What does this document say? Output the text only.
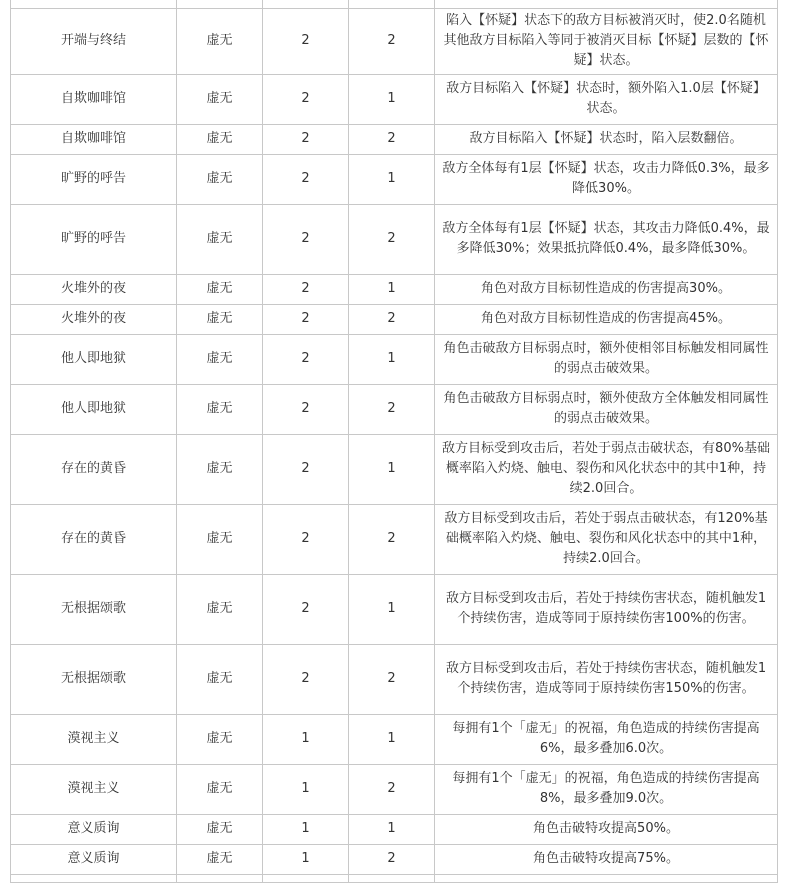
开端与终结	虚无	2	2	陷入【怀疑】状态下的敌方目标被消灭时，使2.0名随机其他敌方目标陷入等同于被消灭目标【怀疑】层数的【怀疑】状态。
自欺咖啡馆	虚无	2	1	敌方目标陷入【怀疑】状态时，额外陷入1.0层【怀疑】状态。
自欺咖啡馆	虚无	2	2	敌方目标陷入【怀疑】状态时，陷入层数翻倍。
旷野的呼告	虚无	2	1	敌方全体每有1层【怀疑】状态，攻击力降低0.3%，最多降低30%。
旷野的呼告	虚无	2	2	敌方全体每有1层【怀疑】状态，其攻击力降低0.4%，最多降低30%；效果抵抗降低0.4%，最多降低30%。
火堆外的夜	虚无	2	1	角色对敌方目标韧性造成的伤害提高30%。
火堆外的夜	虚无	2	2	角色对敌方目标韧性造成的伤害提高45%。
他人即地狱	虚无	2	1	角色击破敌方目标弱点时，额外使相邻目标触发相同属性的弱点击破效果。
他人即地狱	虚无	2	2	角色击破敌方目标弱点时，额外使敌方全体触发相同属性的弱点击破效果。
存在的黄昏	虚无	2	1	敌方目标受到攻击后，若处于弱点击破状态，有80%基础概率陷入灼烧、触电、裂伤和风化状态中的其中1种，持续2.0回合。
存在的黄昏	虚无	2	2	敌方目标受到攻击后，若处于弱点击破状态，有120%基础概率陷入灼烧、触电、裂伤和风化状态中的其中1种，持续2.0回合。
无根据颂歌	虚无	2	1	敌方目标受到攻击后，若处于持续伤害状态，随机触发1个持续伤害，造成等同于原持续伤害100%的伤害。
无根据颂歌	虚无	2	2	敌方目标受到攻击后，若处于持续伤害状态，随机触发1个持续伤害，造成等同于原持续伤害150%的伤害。
漠视主义	虚无	1	1	每拥有1个「虚无」的祝福，角色造成的持续伤害提高6%，最多叠加6.0次。
漠视主义	虚无	1	2	每拥有1个「虚无」的祝福，角色造成的持续伤害提高8%，最多叠加9.0次。
意义质询	虚无	1	1	角色击破特攻提高50%。
意义质询	虚无	1	2	角色击破特攻提高75%。
